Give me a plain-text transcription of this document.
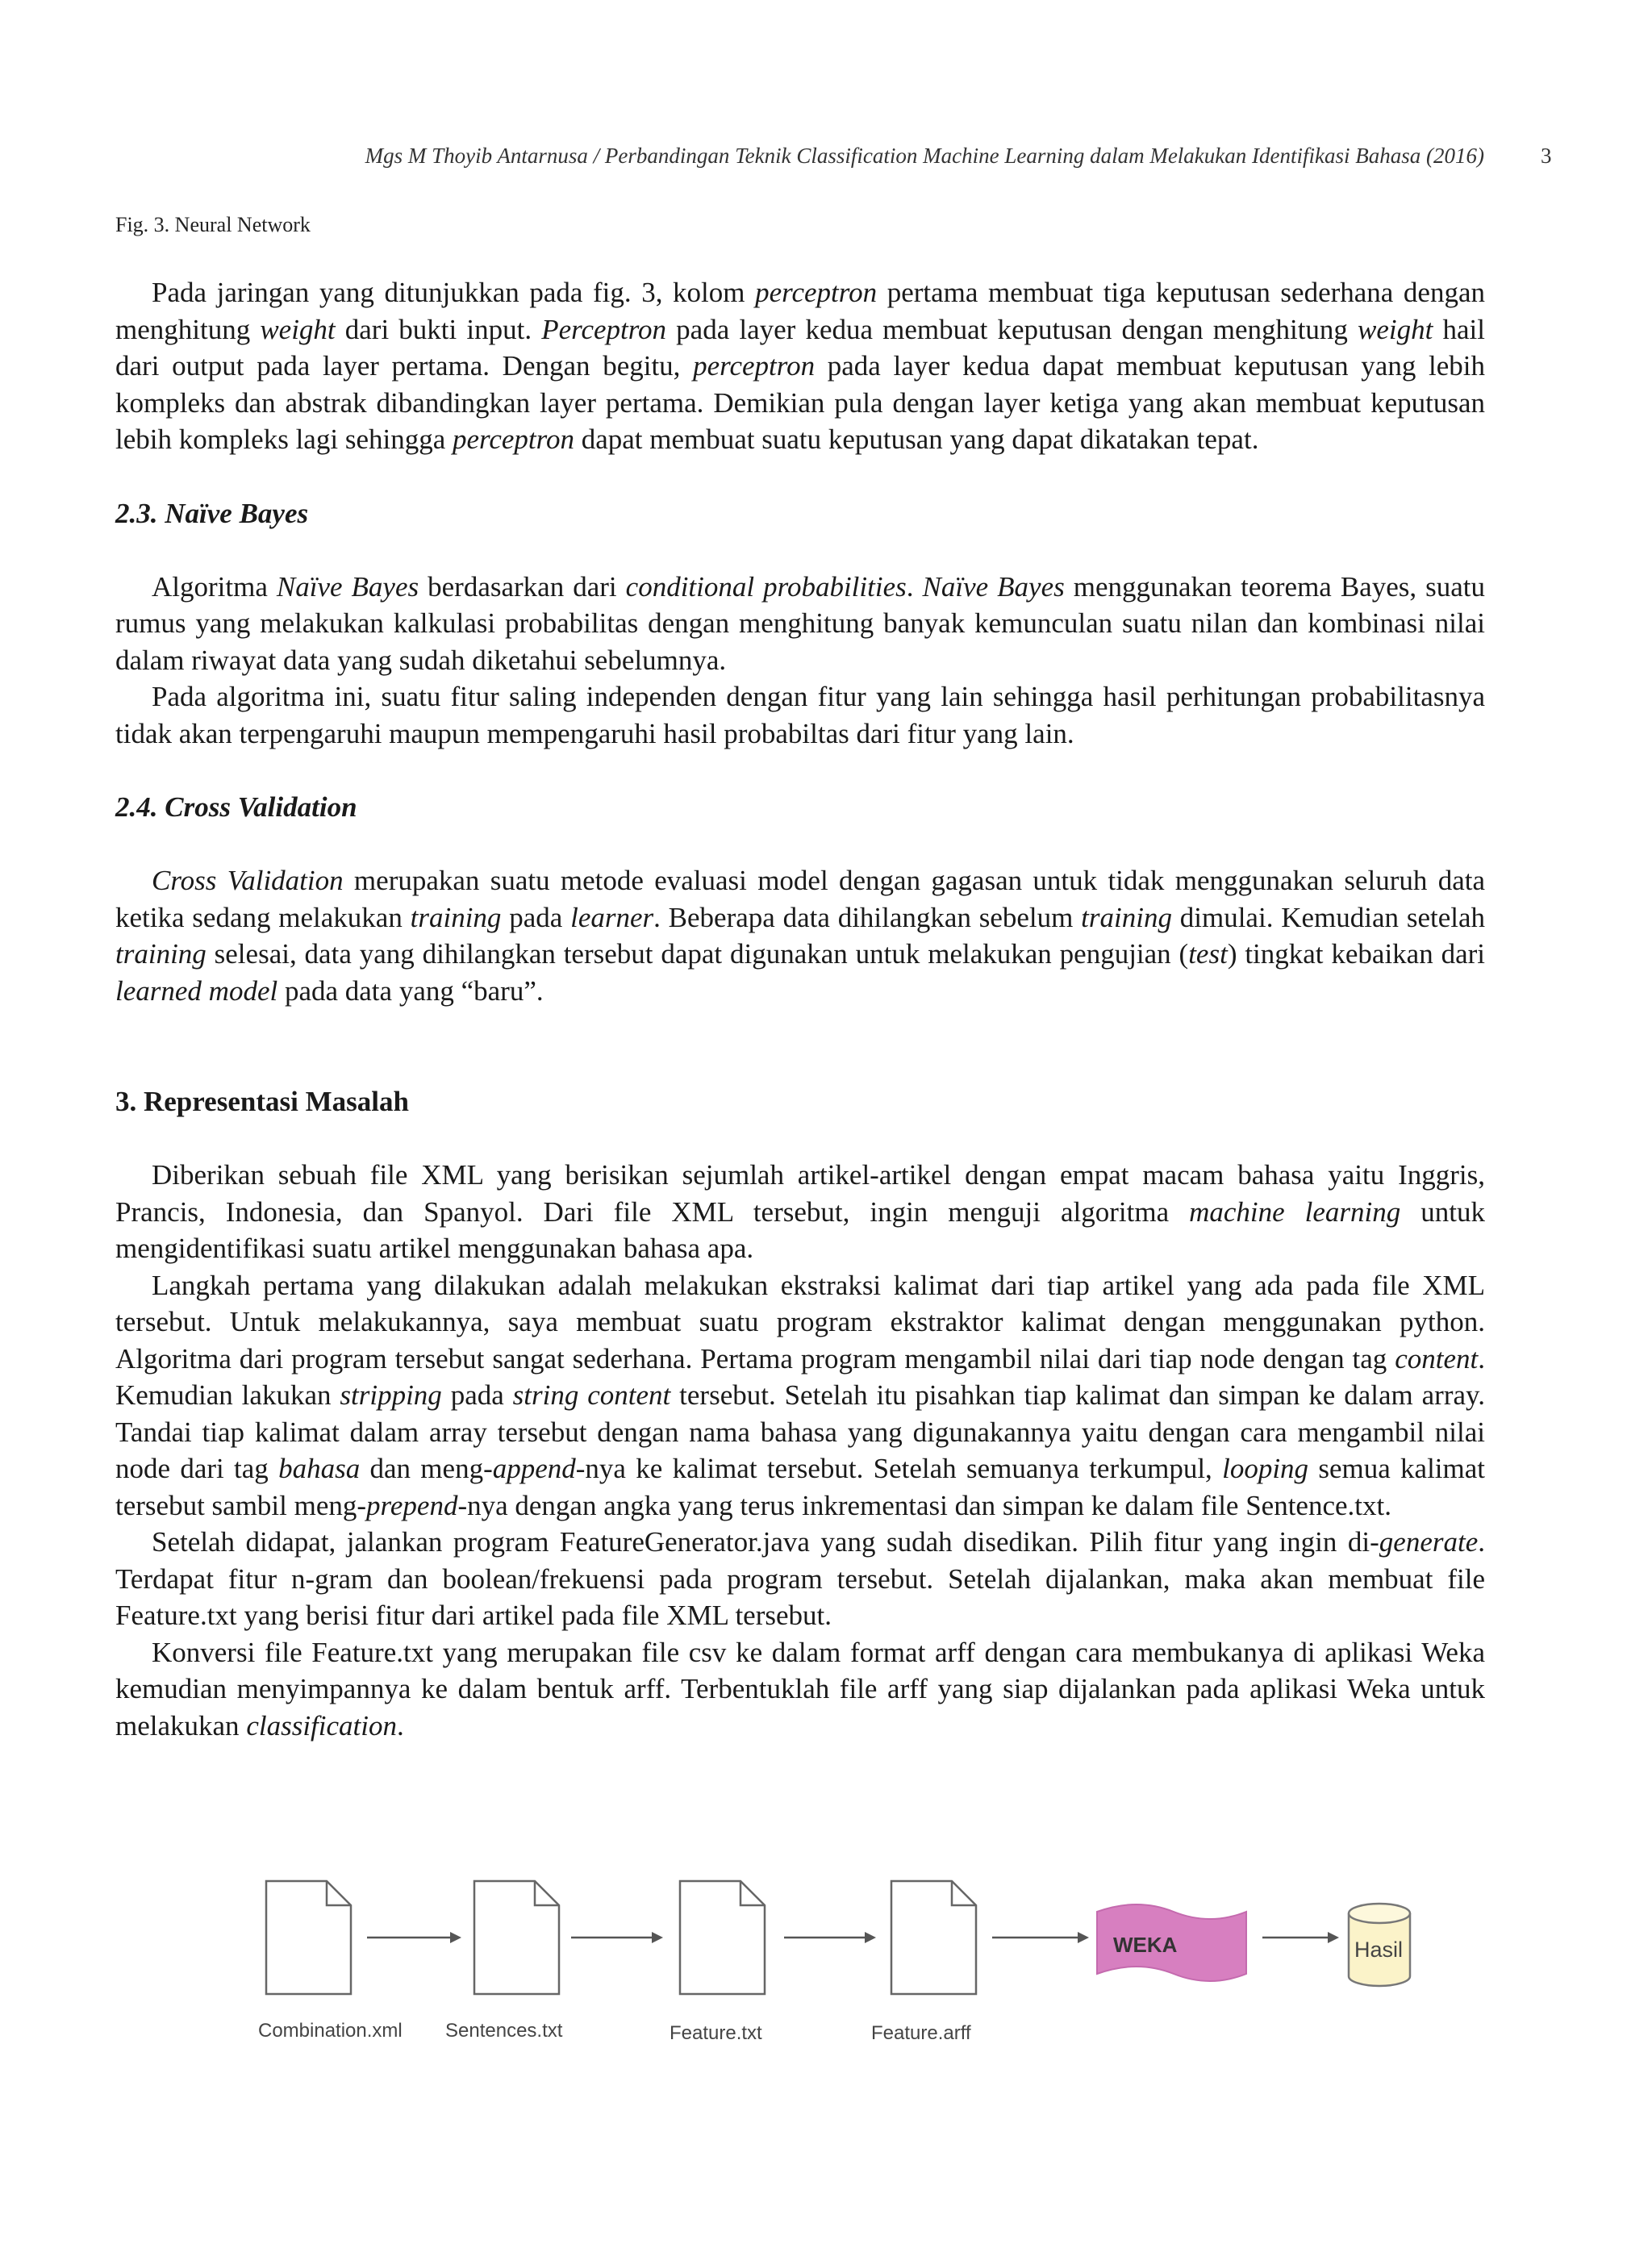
Mgs M Thoyib Antarnusa / Perbandingan Teknik Classification Machine Learning dalam Melakukan Identifikasi Bahasa (2016)	3
Fig. 3. Neural Network

Pada jaringan yang ditunjukkan pada fig. 3, kolom perceptron pertama membuat tiga keputusan sederhana dengan menghitung weight dari bukti input. Perceptron pada layer kedua membuat keputusan dengan menghitung weight hail dari output pada layer pertama. Dengan begitu, perceptron pada layer kedua dapat membuat keputusan yang lebih kompleks dan abstrak dibandingkan layer pertama. Demikian pula dengan layer ketiga yang akan membuat keputusan lebih kompleks lagi sehingga perceptron dapat membuat suatu keputusan yang dapat dikatakan tepat.

2.3. Naïve Bayes

Algoritma Naïve Bayes berdasarkan dari conditional probabilities. Naïve Bayes menggunakan teorema Bayes, suatu rumus yang melakukan kalkulasi probabilitas dengan menghitung banyak kemunculan suatu nilan dan kombinasi nilai dalam riwayat data yang sudah diketahui sebelumnya.

Pada algoritma ini, suatu fitur saling independen dengan fitur yang lain sehingga hasil perhitungan probabilitasnya tidak akan terpengaruhi maupun mempengaruhi hasil probabiltas dari fitur yang lain.

2.4. Cross Validation

Cross Validation merupakan suatu metode evaluasi model dengan gagasan untuk tidak menggunakan seluruh data ketika sedang melakukan training pada learner. Beberapa data dihilangkan sebelum training dimulai. Kemudian setelah training selesai, data yang dihilangkan tersebut dapat digunakan untuk melakukan pengujian (test) tingkat kebaikan dari learned model pada data yang “baru”.

3. Representasi Masalah

Diberikan sebuah file XML yang berisikan sejumlah artikel-artikel dengan empat macam bahasa yaitu Inggris, Prancis, Indonesia, dan Spanyol. Dari file XML tersebut, ingin menguji algoritma machine learning untuk mengidentifikasi suatu artikel menggunakan bahasa apa.

Langkah pertama yang dilakukan adalah melakukan ekstraksi kalimat dari tiap artikel yang ada pada file XML tersebut. Untuk melakukannya, saya membuat suatu program ekstraktor kalimat dengan menggunakan python. Algoritma dari program tersebut sangat sederhana. Pertama program mengambil nilai dari tiap node dengan tag content. Kemudian lakukan stripping pada string content tersebut. Setelah itu pisahkan tiap kalimat dan simpan ke dalam array. Tandai tiap kalimat dalam array tersebut dengan nama bahasa yang digunakannya yaitu dengan cara mengambil nilai node dari tag bahasa dan meng-append-nya ke kalimat tersebut. Setelah semuanya terkumpul, looping semua kalimat tersebut sambil meng-prepend-nya dengan angka yang terus inkrementasi dan simpan ke dalam file Sentence.txt.

Setelah didapat, jalankan program FeatureGenerator.java yang sudah disedikan. Pilih fitur yang ingin di-generate. Terdapat fitur n-gram dan boolean/frekuensi pada program tersebut. Setelah dijalankan, maka akan membuat file Feature.txt yang berisi fitur dari artikel pada file XML tersebut.

Konversi file Feature.txt yang merupakan file csv ke dalam format arff dengan cara membukanya di aplikasi Weka kemudian menyimpannya ke dalam bentuk arff. Terbentuklah file arff yang siap dijalankan pada aplikasi Weka untuk melakukan classification.

Combination.xml Sentences.txt	Feature.txt	Feature.arff
WEKA	Hasil
